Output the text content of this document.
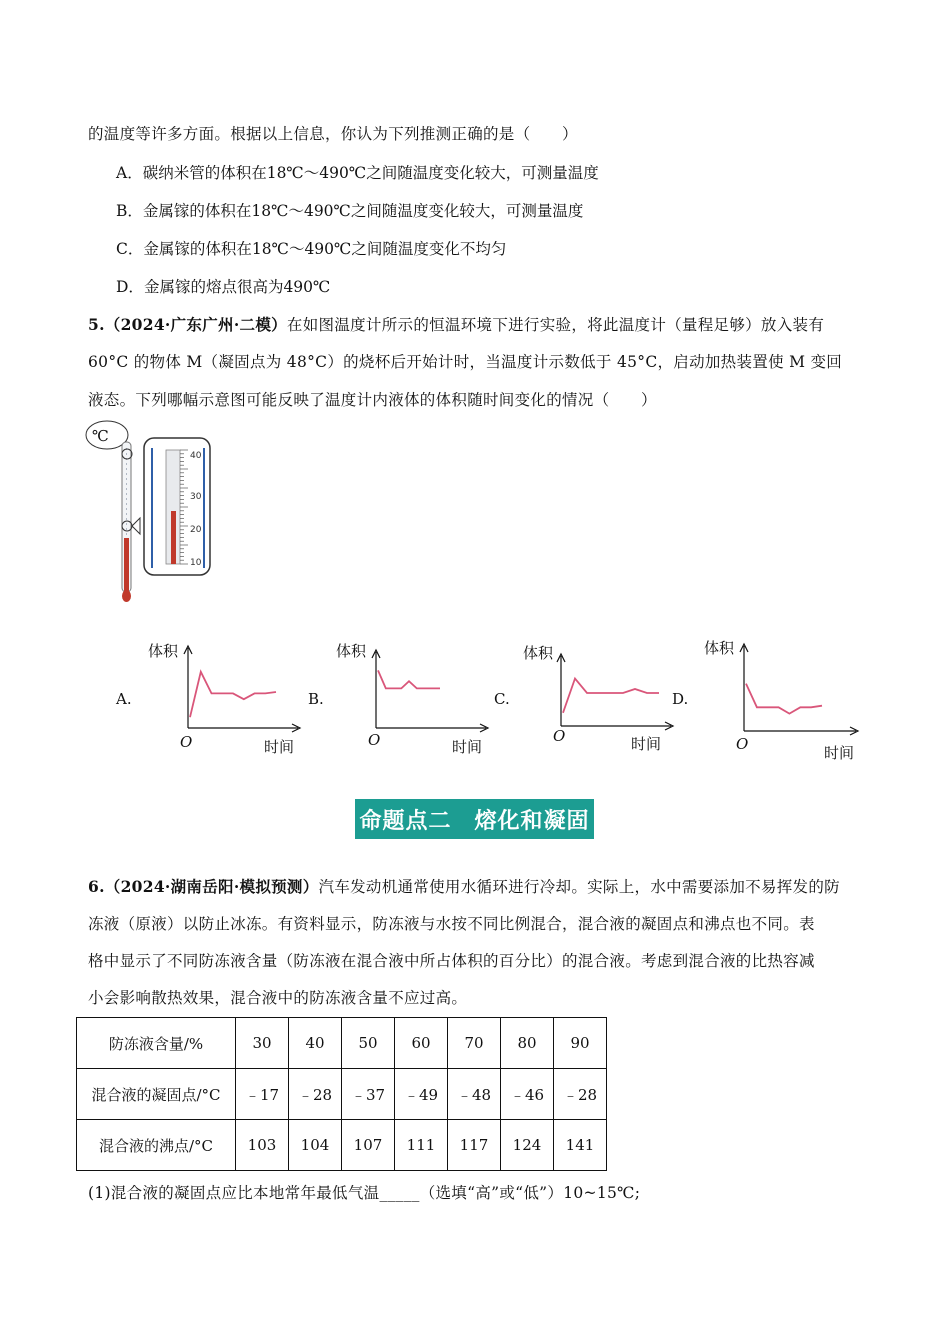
的温度等许多方面。根据以上信息，你认为下列推测正确的是（　　）
A．碳纳米管的体积在18℃～490℃之间随温度变化较大，可测量温度
B．金属镓的体积在18℃～490℃之间随温度变化较大，可测量温度
C．金属镓的体积在18℃～490℃之间随温度变化不均匀
D．金属镓的熔点很高为490℃
5.（2024·广东广州·二模）在如图温度计所示的恒温环境下进行实验，将此温度计（量程足够）放入装有
60°C 的物体 M（凝固点为 48°C）的烧杯后开始计时，当温度计示数低于 45°C，启动加热装置使 M 变回
液态。下列哪幅示意图可能反映了温度计内液体的体积随时间变化的情况（　　）
℃
40
30
20
10
A.
体积
O	时间
B.
体积
O	时间
C.
体积
O	时间
D.
体积
O	时间
命题点二　熔化和凝固
6.（2024·湖南岳阳·模拟预测）汽车发动机通常使用水循环进行冷却。实际上，水中需要添加不易挥发的防
冻液（原液）以防止冰冻。有资料显示，防冻液与水按不同比例混合，混合液的凝固点和沸点也不同。表
格中显示了不同防冻液含量（防冻液在混合液中所占体积的百分比）的混合液。考虑到混合液的比热容减
小会影响散热效果，混合液中的防冻液含量不应过高。
防冻液含量/%	30	40	50	60	70	80	90
混合液的凝固点/°C	﹣17	﹣28	﹣37	﹣49	﹣48	﹣46	﹣28
混合液的沸点/°C	103	104	107	111	117	124	141
(1)混合液的凝固点应比本地常年最低气温_____（选填“高”或“低”）10~15℃;
